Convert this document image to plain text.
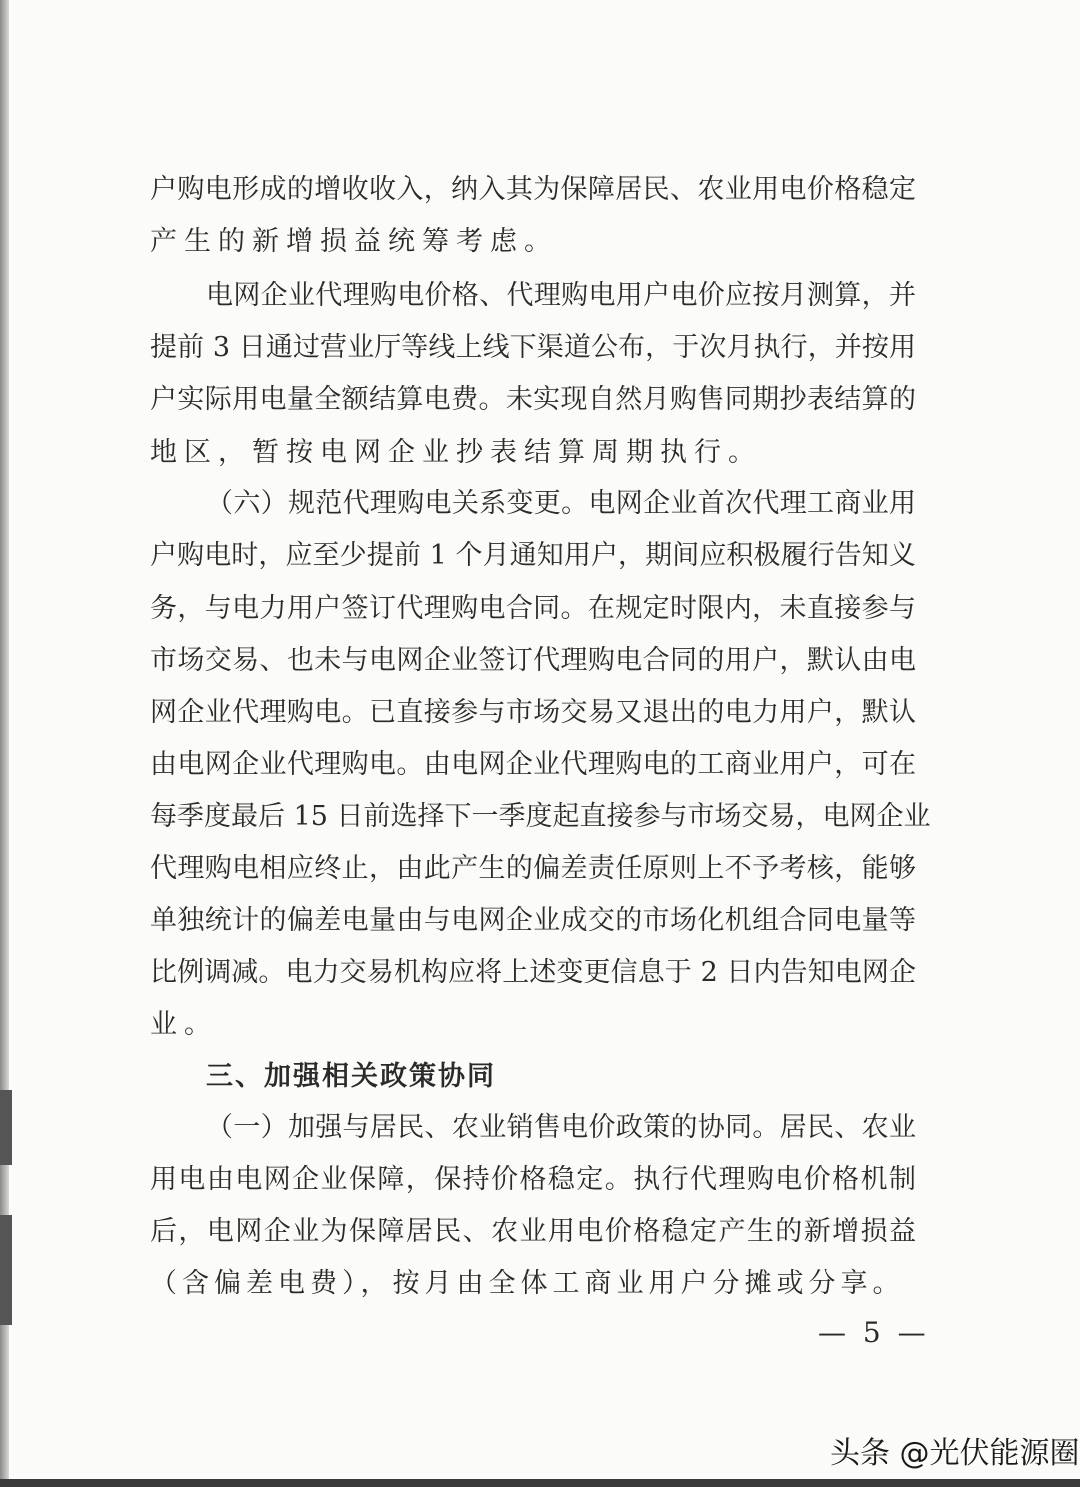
户购电形成的增收收入，纳入其为保障居民、农业用电价格稳定
产生的新增损益统筹考虑。
电网企业代理购电价格、代理购电用户电价应按月测算，并
提前 3 日通过营业厅等线上线下渠道公布，于次月执行，并按用
户实际用电量全额结算电费。未实现自然月购售同期抄表结算的
地区，暂按电网企业抄表结算周期执行。
（六）规范代理购电关系变更。电网企业首次代理工商业用
户购电时，应至少提前 1 个月通知用户，期间应积极履行告知义
务，与电力用户签订代理购电合同。在规定时限内，未直接参与
市场交易、也未与电网企业签订代理购电合同的用户，默认由电
网企业代理购电。已直接参与市场交易又退出的电力用户，默认
由电网企业代理购电。由电网企业代理购电的工商业用户，可在
每季度最后 15 日前选择下一季度起直接参与市场交易，电网企业
代理购电相应终止，由此产生的偏差责任原则上不予考核，能够
单独统计的偏差电量由与电网企业成交的市场化机组合同电量等
比例调减。电力交易机构应将上述变更信息于 2 日内告知电网企
业。
三、加强相关政策协同
（一）加强与居民、农业销售电价政策的协同。居民、农业
用电由电网企业保障，保持价格稳定。执行代理购电价格机制
后，电网企业为保障居民、农业用电价格稳定产生的新增损益
（含偏差电费），按月由全体工商业用户分摊或分享。
— 5 —
头条 @光伏能源圈
